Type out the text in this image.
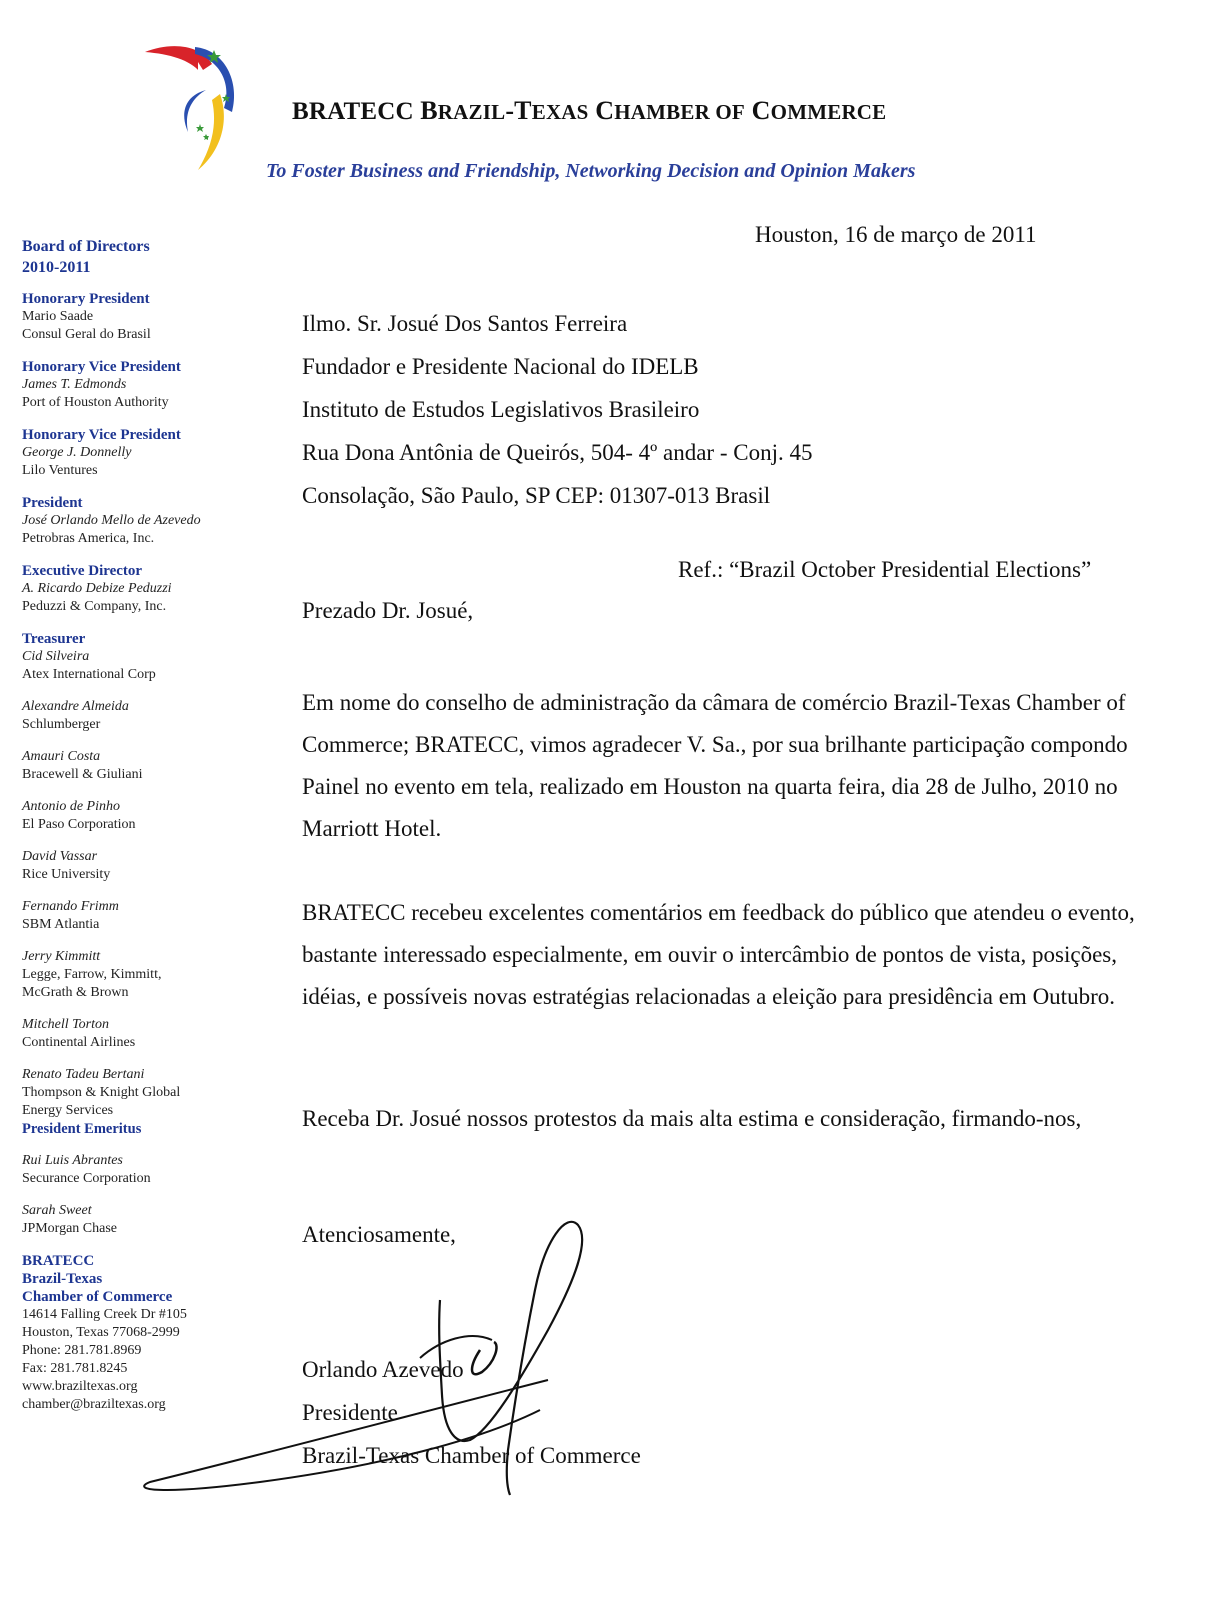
BRATECC BRAZIL-TEXAS CHAMBER OF COMMERCE

To Foster Business and Friendship, Networking Decision and Opinion Makers

Board of Directors
2010-2011
Honorary President
Mario Saade
Consul Geral do Brasil
Honorary Vice President
James T. Edmonds
Port of Houston Authority
Honorary Vice President
George J. Donnelly
Lilo Ventures
President
José Orlando Mello de Azevedo
Petrobras America, Inc.
Executive Director
A. Ricardo Debize Peduzzi
Peduzzi & Company, Inc.
Treasurer
Cid Silveira
Atex International Corp
Alexandre Almeida
Schlumberger
Amauri Costa
Bracewell & Giuliani
Antonio de Pinho
El Paso Corporation
David Vassar
Rice University
Fernando Frimm
SBM Atlantia
Jerry Kimmitt
Legge, Farrow, Kimmitt,
McGrath & Brown
Mitchell Torton
Continental Airlines
Renato Tadeu Bertani
Thompson & Knight Global
Energy Services
President Emeritus
Rui Luis Abrantes
Securance Corporation
Sarah Sweet
JPMorgan Chase
BRATECC
Brazil-Texas
Chamber of Commerce
14614 Falling Creek Dr #105
Houston, Texas 77068-2999
Phone: 281.781.8969
Fax: 281.781.8245
www.braziltexas.org
chamber@braziltexas.org
Houston, 16 de março de 2011
Ilmo. Sr. Josué Dos Santos Ferreira
Fundador e Presidente Nacional do IDELB
Instituto de Estudos Legislativos Brasileiro
Rua Dona Antônia de Queirós, 504- 4º andar - Conj. 45
Consolação, São Paulo, SP CEP: 01307-013 Brasil
Ref.: “Brazil October Presidential Elections”
Prezado Dr. Josué,
Em nome do conselho de administração da câmara de comércio Brazil-Texas Chamber of Commerce; BRATECC, vimos agradecer V. Sa., por sua brilhante participação compondo Painel no evento em tela, realizado em Houston na quarta feira, dia 28 de Julho, 2010 no Marriott Hotel.
BRATECC recebeu excelentes comentários em feedback do público que atendeu o evento, bastante interessado especialmente, em ouvir o intercâmbio de pontos de vista, posições, idéias, e possíveis novas estratégias relacionadas a eleição para presidência em Outubro.
Receba Dr. Josué nossos protestos da mais alta estima e consideração, firmando-nos,
Atenciosamente,
Orlando Azevedo
Presidente
Brazil-Texas Chamber of Commerce
